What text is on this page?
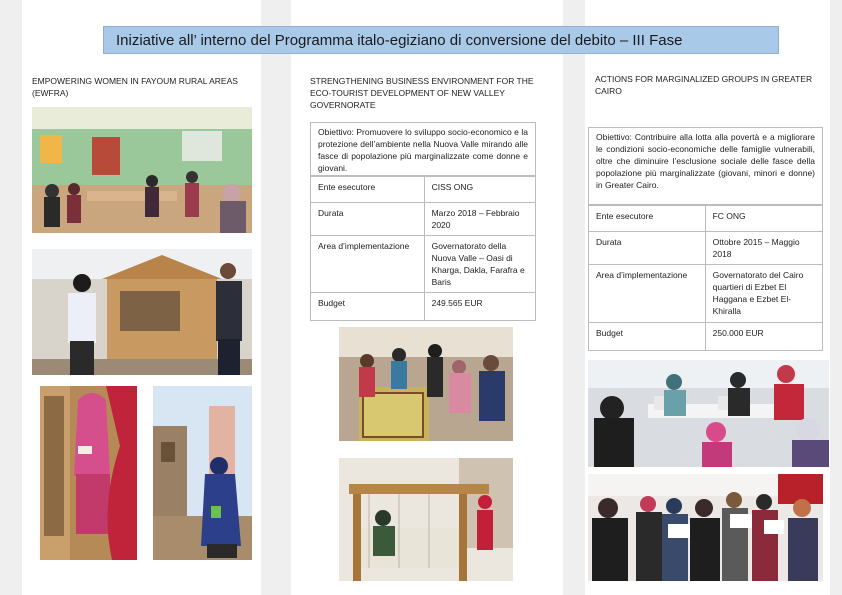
Iniziative all’ interno del Programma italo-egiziano di conversione del debito – III Fase
EMPOWERING WOMEN IN FAYOUM RURAL AREAS (EWFRA)
STRENGTHENING BUSINESS ENVIRONMENT FOR THE ECO-TOURIST DEVELOPMENT OF NEW VALLEY GOVERNORATE
Obiettivo: Promuovere lo sviluppo socio-economico e la protezione dell’ambiente nella Nuova Valle mirando alle fasce di popolazione più marginalizzate come donne e giovani.
Ente esecutore	CISS ONG
Durata	Marzo 2018 – Febbraio 2020
Area d’implementazione	Governatorato della Nuova Valle – Oasi di Kharga, Dakla, Farafra e Baris
Budget	249.565 EUR
ACTIONS FOR MARGINALIZED GROUPS IN GREATER CAIRO
Obiettivo: Contribuire alla lotta alla povertà e a migliorare le condizioni socio-economiche delle famiglie vulnerabili, oltre che diminuire l’esclusione sociale delle fasce della popolazione più marginalizzate (giovani, minori e donne) in Greater Cairo.
Ente esecutore	FC ONG
Durata	Ottobre 2015 – Maggio 2018
Area d’implementazione	Governatorato del Cairo quartieri di Ezbet El Haggana e Ezbet El-Khiralla
Budget	250.000 EUR
